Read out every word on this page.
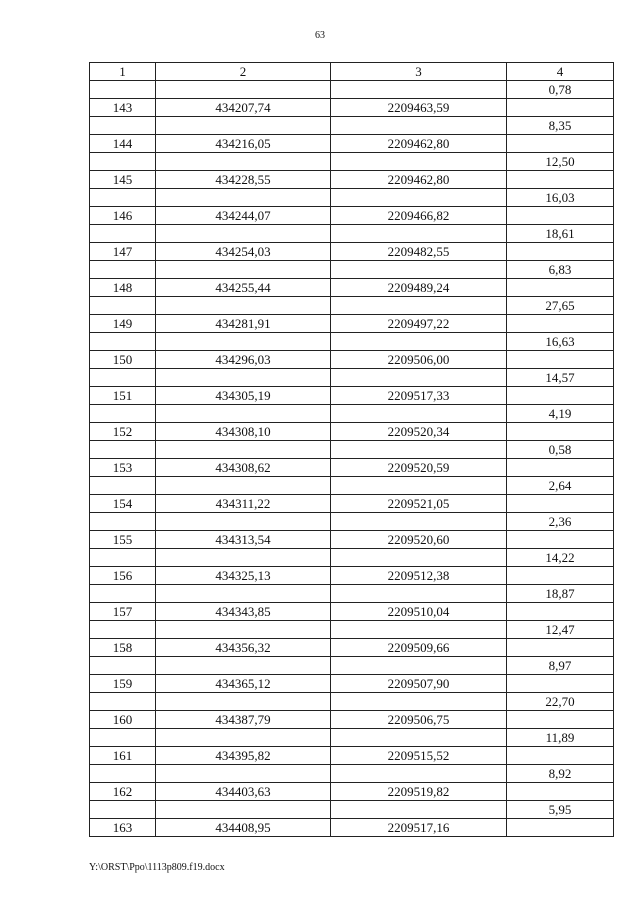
63
1	2	3	4
			0,78
143	434207,74	2209463,59	
			8,35
144	434216,05	2209462,80	
			12,50
145	434228,55	2209462,80	
			16,03
146	434244,07	2209466,82	
			18,61
147	434254,03	2209482,55	
			6,83
148	434255,44	2209489,24	
			27,65
149	434281,91	2209497,22	
			16,63
150	434296,03	2209506,00	
			14,57
151	434305,19	2209517,33	
			4,19
152	434308,10	2209520,34	
			0,58
153	434308,62	2209520,59	
			2,64
154	434311,22	2209521,05	
			2,36
155	434313,54	2209520,60	
			14,22
156	434325,13	2209512,38	
			18,87
157	434343,85	2209510,04	
			12,47
158	434356,32	2209509,66	
			8,97
159	434365,12	2209507,90	
			22,70
160	434387,79	2209506,75	
			11,89
161	434395,82	2209515,52	
			8,92
162	434403,63	2209519,82	
			5,95
163	434408,95	2209517,16	
Y:\ORST\Ppo\1113p809.f19.docx
